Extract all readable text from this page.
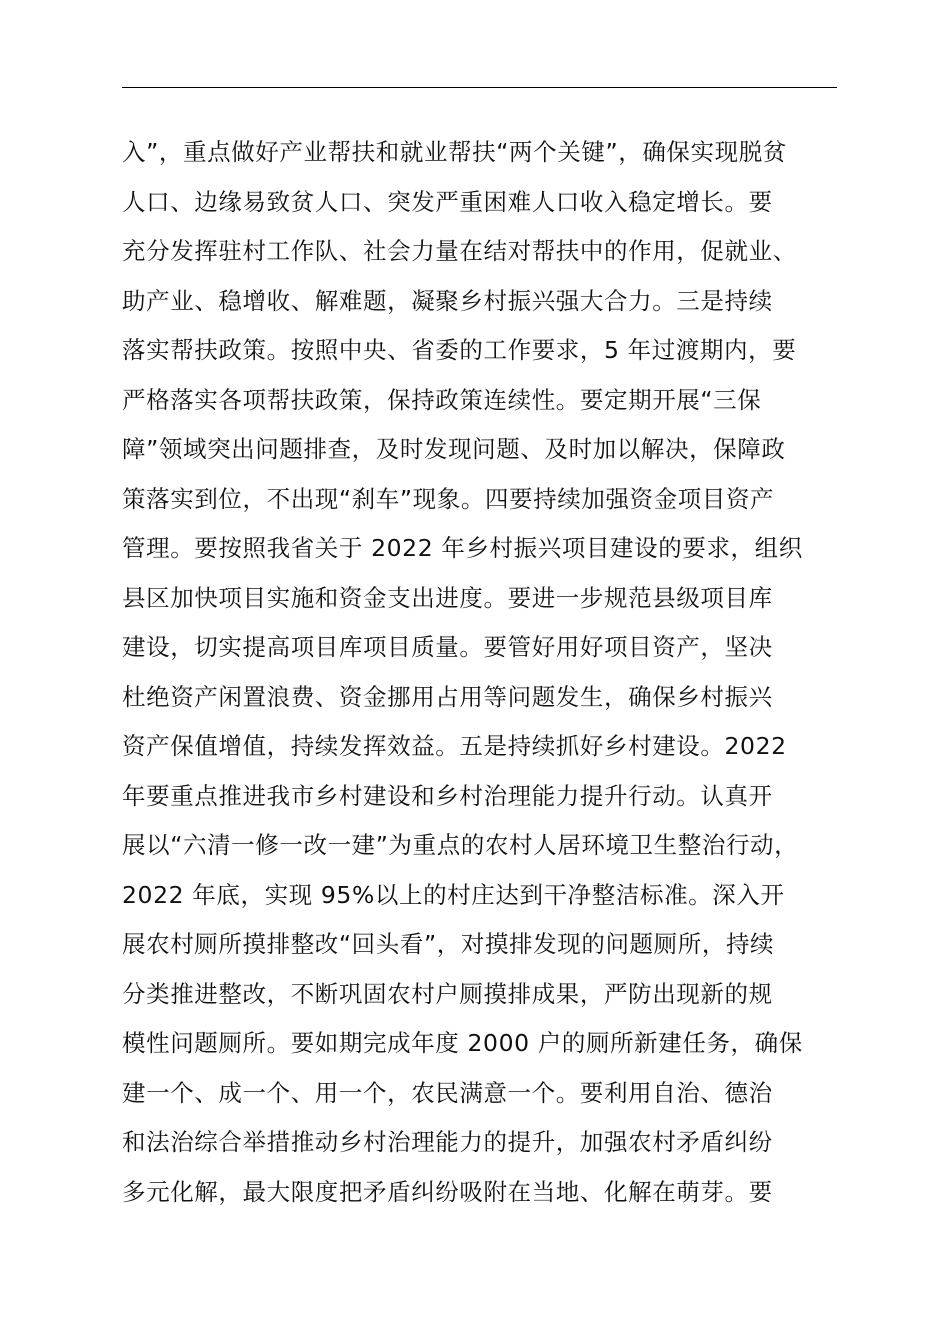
入”，重点做好产业帮扶和就业帮扶“两个关键”，确保实现脱贫
人口、边缘易致贫人口、突发严重困难人口收入稳定增长。要
充分发挥驻村工作队、社会力量在结对帮扶中的作用，促就业、
助产业、稳增收、解难题，凝聚乡村振兴强大合力。三是持续
落实帮扶政策。按照中央、省委的工作要求，5 年过渡期内，要
严格落实各项帮扶政策，保持政策连续性。要定期开展“三保
障”领域突出问题排查，及时发现问题、及时加以解决，保障政
策落实到位，不出现“刹车”现象。四要持续加强资金项目资产
管理。要按照我省关于 2022 年乡村振兴项目建设的要求，组织
县区加快项目实施和资金支出进度。要进一步规范县级项目库
建设，切实提高项目库项目质量。要管好用好项目资产，坚决
杜绝资产闲置浪费、资金挪用占用等问题发生，确保乡村振兴
资产保值增值，持续发挥效益。五是持续抓好乡村建设。2022
年要重点推进我市乡村建设和乡村治理能力提升行动。认真开
展以“六清一修一改一建”为重点的农村人居环境卫生整治行动，
2022 年底，实现 95%以上的村庄达到干净整洁标准。深入开
展农村厕所摸排整改“回头看”，对摸排发现的问题厕所，持续
分类推进整改，不断巩固农村户厕摸排成果，严防出现新的规
模性问题厕所。要如期完成年度 2000 户的厕所新建任务，确保
建一个、成一个、用一个，农民满意一个。要利用自治、德治
和法治综合举措推动乡村治理能力的提升，加强农村矛盾纠纷
多元化解，最大限度把矛盾纠纷吸附在当地、化解在萌芽。要
